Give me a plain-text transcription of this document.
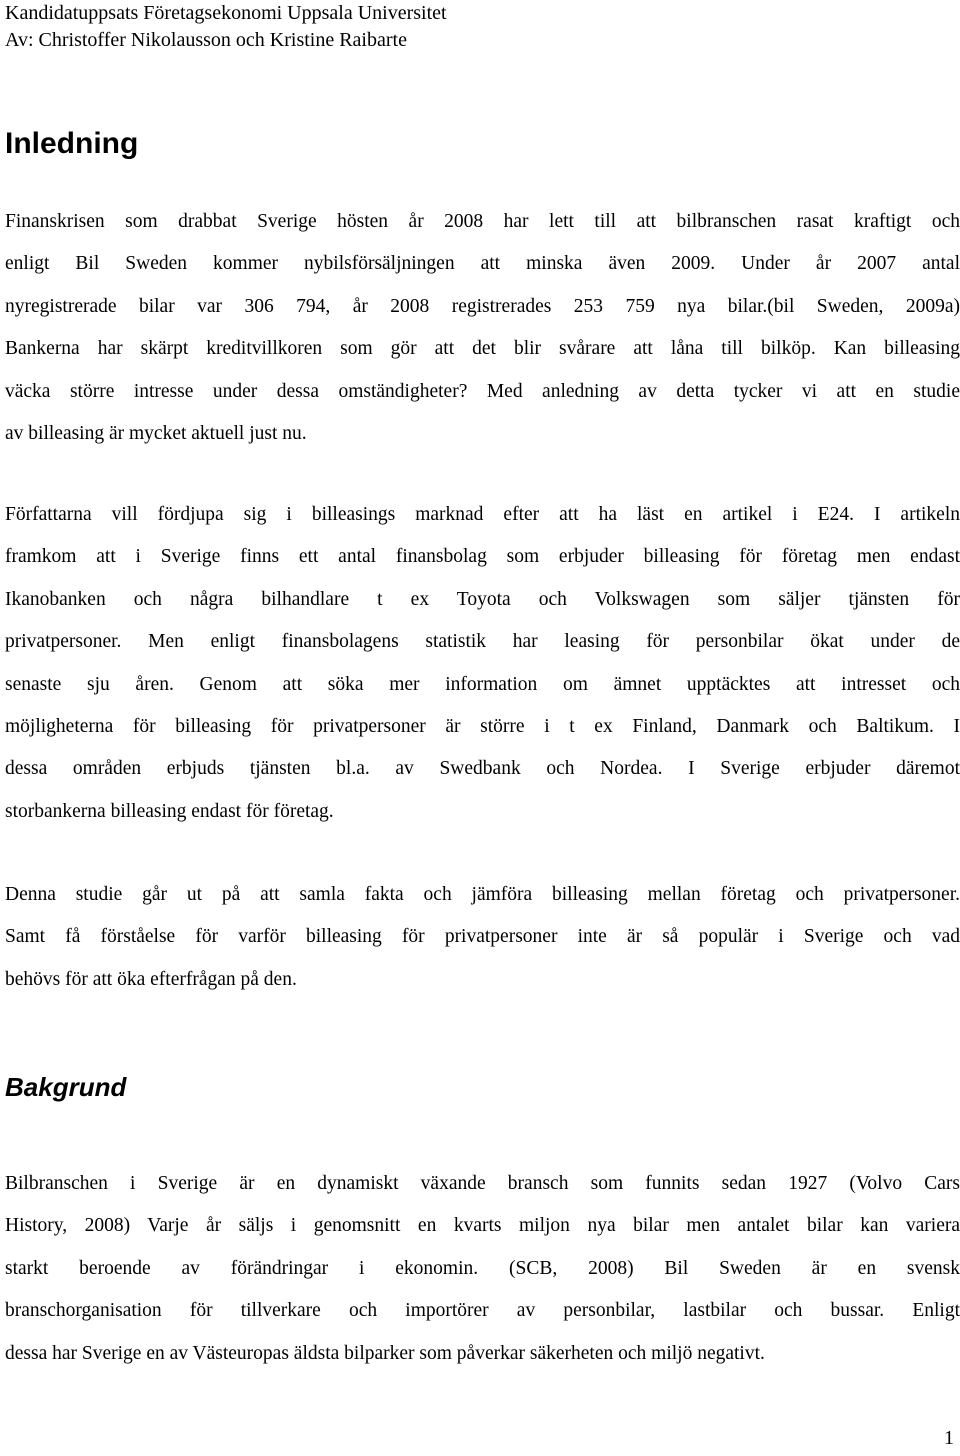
Kandidatuppsats Företagsekonomi Uppsala Universitet
Av: Christoffer Nikolausson och Kristine Raibarte
Inledning

Finanskrisen som drabbat Sverige hösten år 2008 har lett till att bilbranschen rasat kraftigt och
enligt Bil Sweden kommer nybilsförsäljningen att minska även 2009. Under år 2007 antal
nyregistrerade bilar var 306 794, år 2008 registrerades 253 759 nya bilar.(bil Sweden, 2009a)
Bankerna har skärpt kreditvillkoren som gör att det blir svårare att låna till bilköp. Kan billeasing
väcka större intresse under dessa omständigheter? Med anledning av detta tycker vi att en studie
av billeasing är mycket aktuell just nu.

Författarna vill fördjupa sig i billeasings marknad efter att ha läst en artikel i E24. I artikeln
framkom att i Sverige finns ett antal finansbolag som erbjuder billeasing för företag men endast
Ikanobanken och några bilhandlare t ex Toyota och Volkswagen som säljer tjänsten för
privatpersoner. Men enligt finansbolagens statistik har leasing för personbilar ökat under de
senaste sju åren. Genom att söka mer information om ämnet upptäcktes att intresset och
möjligheterna för billeasing för privatpersoner är större i t ex Finland, Danmark och Baltikum. I
dessa områden erbjuds tjänsten bl.a. av Swedbank och Nordea. I Sverige erbjuder däremot
storbankerna billeasing endast för företag.

Denna studie går ut på att samla fakta och jämföra billeasing mellan företag och privatpersoner.
Samt få förståelse för varför billeasing för privatpersoner inte är så populär i Sverige och vad
behövs för att öka efterfrågan på den.

Bakgrund

Bilbranschen i Sverige är en dynamiskt växande bransch som funnits sedan 1927 (Volvo Cars
History, 2008) Varje år säljs i genomsnitt en kvarts miljon nya bilar men antalet bilar kan variera
starkt beroende av förändringar i ekonomin. (SCB, 2008) Bil Sweden är en svensk
branschorganisation för tillverkare och importörer av personbilar, lastbilar och bussar. Enligt
dessa har Sverige en av Västeuropas äldsta bilparker som påverkar säkerheten och miljö negativt.

1
